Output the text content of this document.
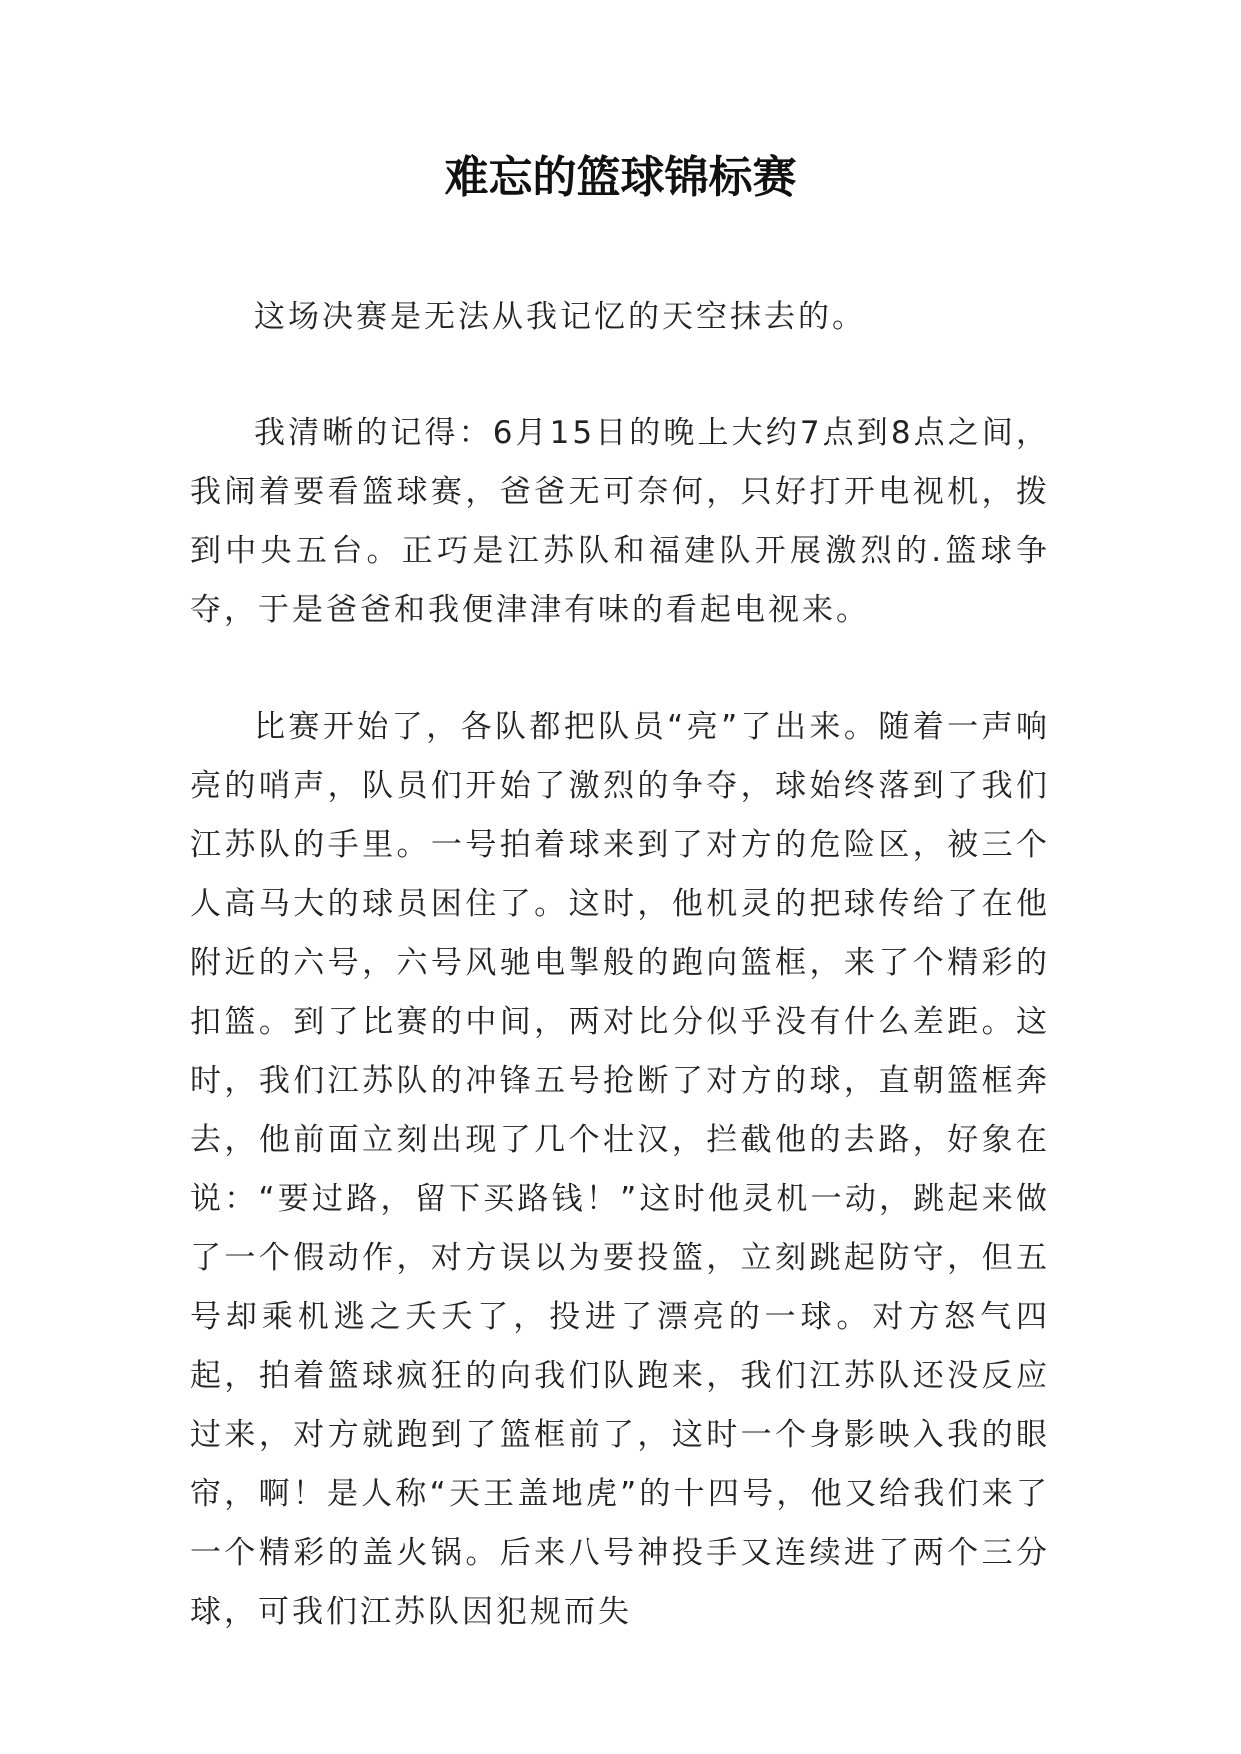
难忘的篮球锦标赛

这场决赛是无法从我记忆的天空抹去的。

我清晰的记得：6月15日的晚上大约7点到8点之间，我闹着要看篮球赛，爸爸无可奈何，只好打开电视机，拨到中央五台。正巧是江苏队和福建队开展激烈的.篮球争夺，于是爸爸和我便津津有味的看起电视来。

比赛开始了，各队都把队员“亮”了出来。随着一声响亮的哨声，队员们开始了激烈的争夺，球始终落到了我们江苏队的手里。一号拍着球来到了对方的危险区，被三个人高马大的球员困住了。这时，他机灵的把球传给了在他附近的六号，六号风驰电掣般的跑向篮框，来了个精彩的扣篮。到了比赛的中间，两对比分似乎没有什么差距。这时，我们江苏队的冲锋五号抢断了对方的球，直朝篮框奔去，他前面立刻出现了几个壮汉，拦截他的去路，好象在说：“要过路，留下买路钱！”这时他灵机一动，跳起来做了一个假动作，对方误以为要投篮，立刻跳起防守，但五号却乘机逃之夭夭了，投进了漂亮的一球。对方怒气四起，拍着篮球疯狂的向我们队跑来，我们江苏队还没反应过来，对方就跑到了篮框前了，这时一个身影映入我的眼帘，啊！是人称“天王盖地虎”的十四号，他又给我们来了一个精彩的盖火锅。后来八号神投手又连续进了两个三分球，可我们江苏队因犯规而失
